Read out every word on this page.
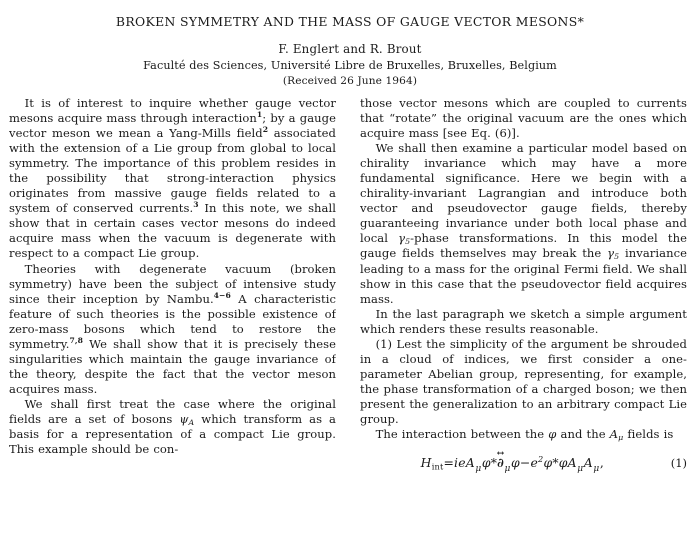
BROKEN SYMMETRY AND THE MASS OF GAUGE VECTOR MESONS*
F. Englert and R. Brout
Faculté des Sciences, Université Libre de Bruxelles, Bruxelles, Belgium
(Received 26 June 1964)

It is of interest to inquire whether gauge vector mesons acquire mass through interaction$^1$; by a gauge vector meson we mean a Yang-Mills field$^2$ associated with the extension of a Lie group from global to local symmetry. The importance of this problem resides in the possibility that strong-interaction physics originates from massive gauge fields related to a system of conserved currents.$^3$ In this note, we shall show that in certain cases vector mesons do indeed acquire mass when the vacuum is degenerate with respect to a compact Lie group.

Theories with degenerate vacuum (broken symmetry) have been the subject of intensive study since their inception by Nambu.$^{4-6}$ A characteristic feature of such theories is the possible existence of zero-mass bosons which tend to restore the symmetry.$^{7,8}$ We shall show that it is precisely these singularities which maintain the gauge invariance of the theory, despite the fact that the vector meson acquires mass.

We shall first treat the case where the original fields are a set of bosons $\psi_A$ which transform as a basis for a representation of a compact Lie group. This example should be con-

those vector mesons which are coupled to currents that “rotate” the original vacuum are the ones which acquire mass [see Eq. (6)].

We shall then examine a particular model based on chirality invariance which may have a more fundamental significance. Here we begin with a chirality-invariant Lagrangian and introduce both vector and pseudovector gauge fields, thereby guaranteeing invariance under both local phase and local $\gamma_5$-phase transformations. In this model the gauge fields themselves may break the $\gamma_5$ invariance leading to a mass for the original Fermi field. We shall show in this case that the pseudovector field acquires mass.

In the last paragraph we sketch a simple argument which renders these results reasonable.

(1) Lest the simplicity of the argument be shrouded in a cloud of indices, we first consider a one-parameter Abelian group, representing, for example, the phase transformation of a charged boson; we then present the generalization to an arbitrary compact Lie group.

The interaction between the φ and the $A_\mu$ fields is

Hint=ieA$_\mu$φ*↔ $\partial_\mu\varphi-e^2\varphi*\varphi A_\mu A_\mu$,	(1)
